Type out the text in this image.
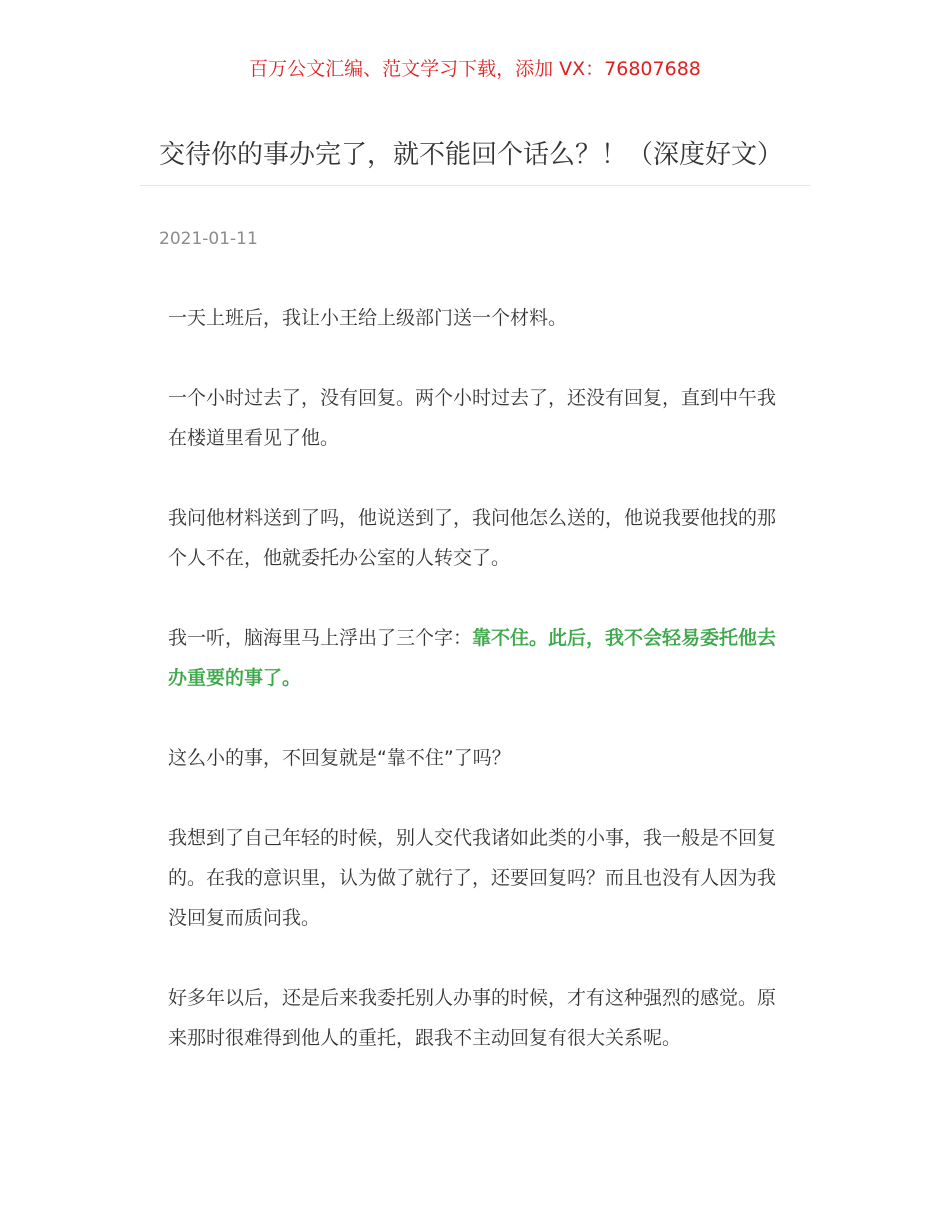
百万公文汇编、范文学习下载，添加 VX：76807688
交待你的事办完了，就不能回个话么？！（深度好文）
2021-01-11

一天上班后，我让小王给上级部门送一个材料。

一个小时过去了，没有回复。两个小时过去了，还没有回复，直到中午我在楼道里看见了他。

我问他材料送到了吗，他说送到了，我问他怎么送的，他说我要他找的那个人不在，他就委托办公室的人转交了。

我一听，脑海里马上浮出了三个字：靠不住。此后，我不会轻易委托他去办重要的事了。

这么小的事，不回复就是“靠不住”了吗？

我想到了自己年轻的时候，别人交代我诸如此类的小事，我一般是不回复的。在我的意识里，认为做了就行了，还要回复吗？而且也没有人因为我没回复而质问我。

好多年以后，还是后来我委托别人办事的时候，才有这种强烈的感觉。原来那时很难得到他人的重托，跟我不主动回复有很大关系呢。
